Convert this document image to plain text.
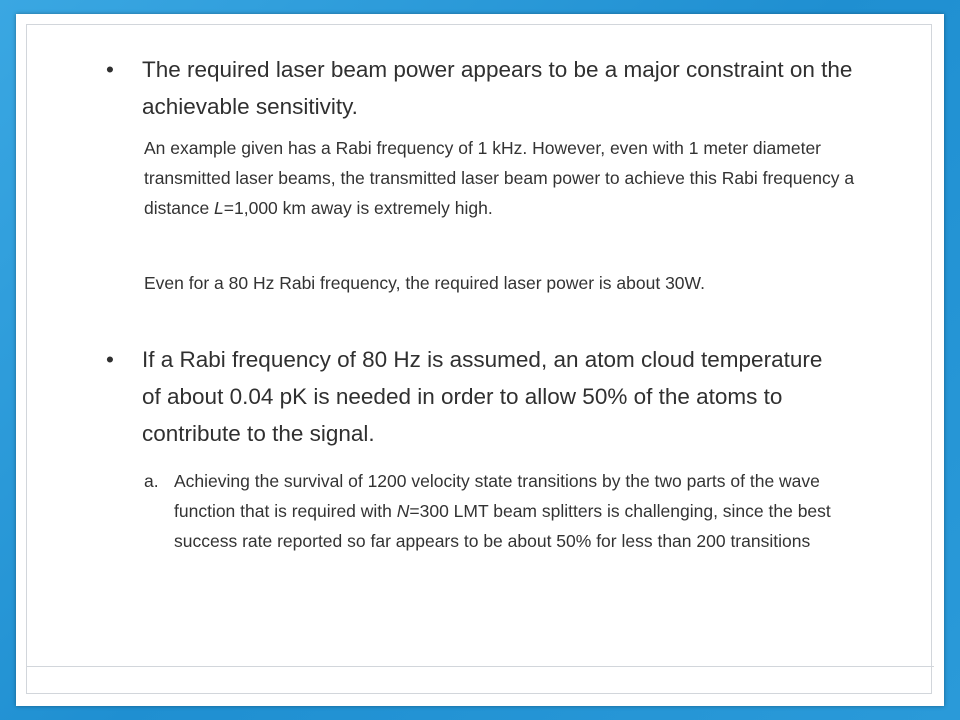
•	The required laser beam power appears to be a major constraint on the achievable sensitivity.
An example given has a Rabi frequency of 1 kHz. However, even with 1 meter diameter transmitted laser beams, the transmitted laser beam power to achieve this Rabi frequency a distance L=1,000 km away is extremely high.
Even for a 80 Hz Rabi frequency, the required laser power is about 30W.
•	If a Rabi frequency of 80 Hz is assumed, an atom cloud temperature of about 0.04 pK is needed in order to allow 50% of the atoms to contribute to the signal.
a. Achieving the survival of 1200 velocity state transitions by the two parts of the wave function that is required with N=300 LMT beam splitters is challenging, since the best success rate reported so far appears to be about 50% for less than 200 transitions
